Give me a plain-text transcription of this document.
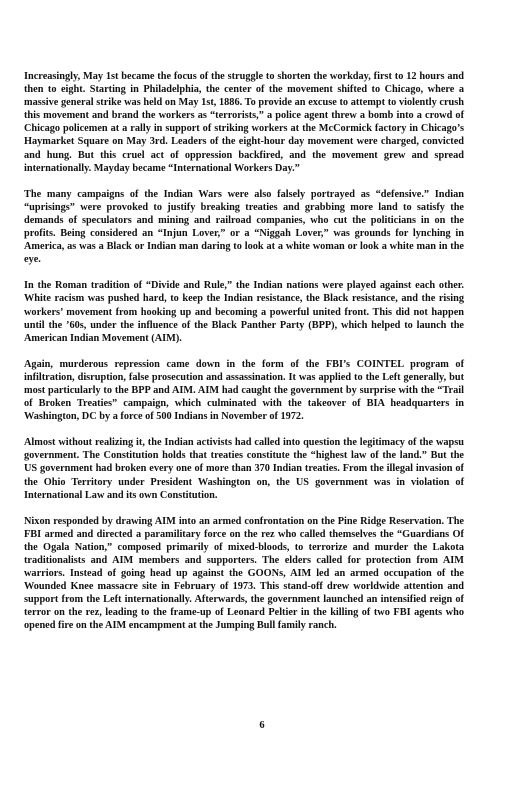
Increasingly, May 1st became the focus of the struggle to shorten the workday, first to 12 hours and then to eight. Starting in Philadelphia, the center of the movement shifted to Chicago, where a massive general strike was held on May 1st, 1886. To provide an excuse to attempt to violently crush this movement and brand the workers as “terrorists,” a police agent threw a bomb into a crowd of Chicago policemen at a rally in support of striking workers at the McCormick factory in Chicago’s Haymarket Square on May 3rd. Leaders of the eight-hour day movement were charged, convicted and hung. But this cruel act of oppression backfired, and the movement grew and spread internationally. Mayday became “International Workers Day.”

The many campaigns of the Indian Wars were also falsely portrayed as “defensive.” Indian “uprisings” were provoked to justify breaking treaties and grabbing more land to satisfy the demands of speculators and mining and railroad companies, who cut the politicians in on the profits. Being considered an “Injun Lover,” or a “Niggah Lover,” was grounds for lynching in America, as was a Black or Indian man daring to look at a white woman or look a white man in the eye.

In the Roman tradition of “Divide and Rule,” the Indian nations were played against each other. White racism was pushed hard, to keep the Indian resistance, the Black resistance, and the rising workers’ movement from hooking up and becoming a powerful united front. This did not happen until the ’60s, under the influence of the Black Panther Party (BPP), which helped to launch the American Indian Movement (AIM).

Again, murderous repression came down in the form of the FBI’s COINTEL program of infiltration, disruption, false prosecution and assassination. It was applied to the Left generally, but most particularly to the BPP and AIM. AIM had caught the government by surprise with the “Trail of Broken Treaties” campaign, which culminated with the takeover of BIA headquarters in Washington, DC by a force of 500 Indians in November of 1972.

Almost without realizing it, the Indian activists had called into question the legitimacy of the wapsu government. The Constitution holds that treaties constitute the “highest law of the land.” But the US government had broken every one of more than 370 Indian treaties. From the illegal invasion of the Ohio Territory under President Washington on, the US government was in violation of International Law and its own Constitution.

Nixon responded by drawing AIM into an armed confrontation on the Pine Ridge Reservation. The FBI armed and directed a paramilitary force on the rez who called themselves the “Guardians Of the Ogala Nation,” composed primarily of mixed-bloods, to terrorize and murder the Lakota traditionalists and AIM members and supporters. The elders called for protection from AIM warriors. Instead of going head up against the GOONs, AIM led an armed occupation of the Wounded Knee massacre site in February of 1973. This stand-off drew worldwide attention and support from the Left internationally. Afterwards, the government launched an intensified reign of terror on the rez, leading to the frame-up of Leonard Peltier in the killing of two FBI agents who opened fire on the AIM encampment at the Jumping Bull family ranch.

6
